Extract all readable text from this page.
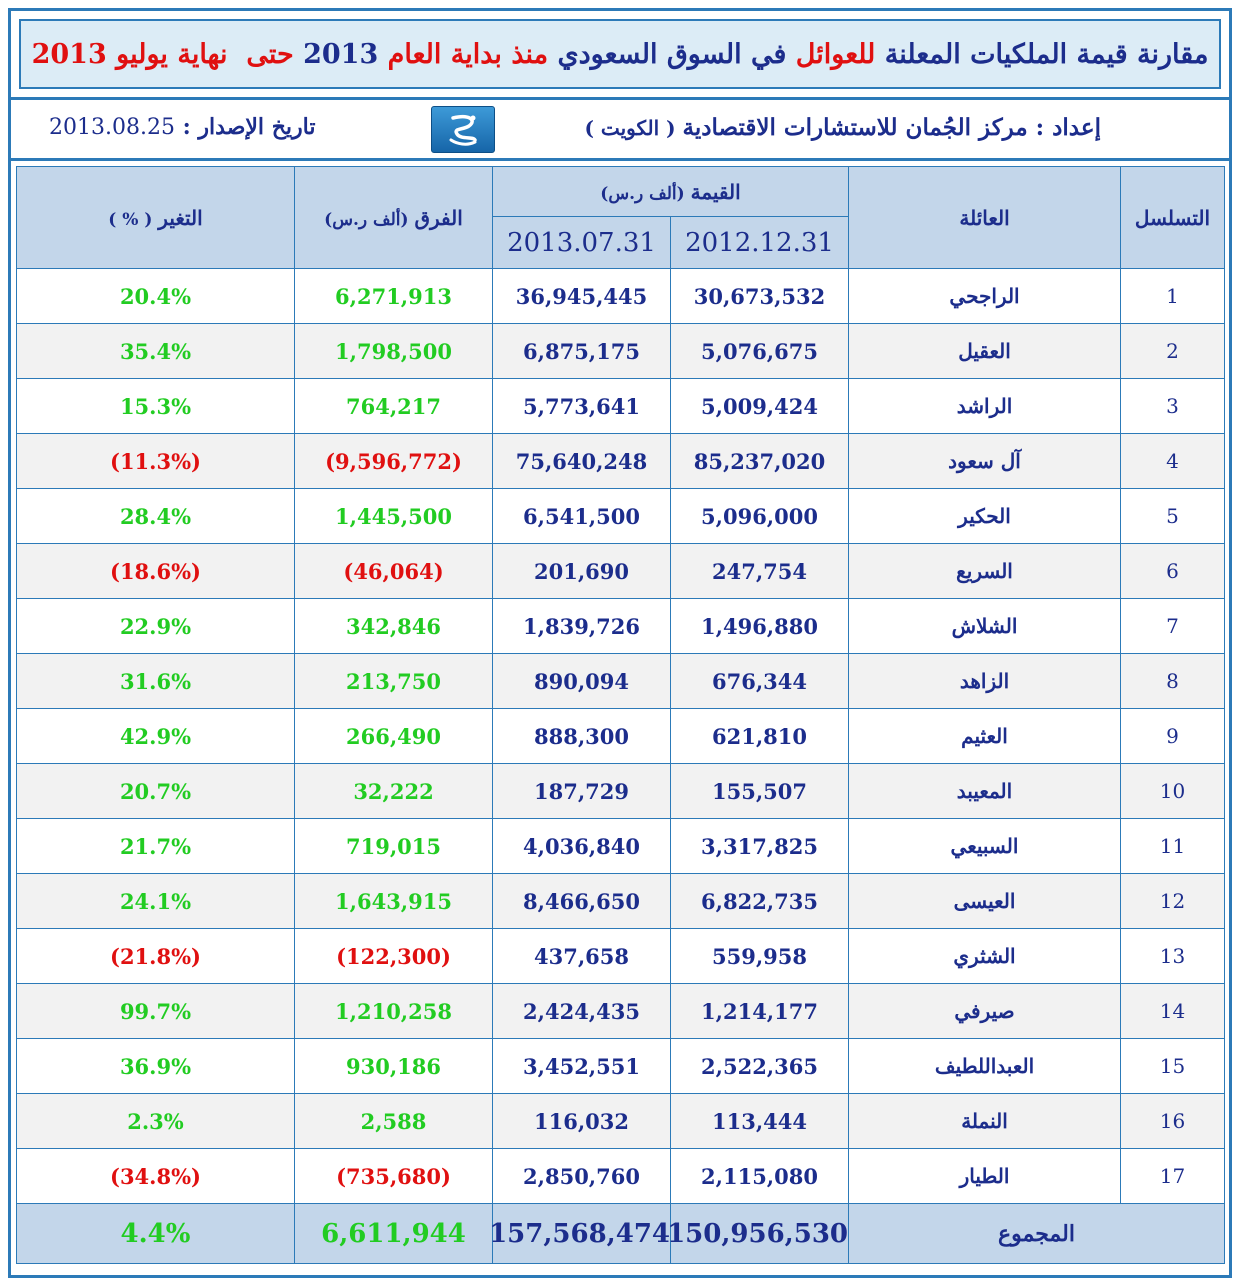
مقارنة قيمة الملكيات المعلنة
للعوائل
في السوق السعودي
منذ بداية العام
2013
حتى  نهاية يوليو
2013
إعداد : مركز الجُمان للاستشارات الاقتصادية ( الكويت )
تاريخ الإصدار : 2013.08.25
التسلسل	العائلة	القيمة (ألف ر.س)		الفرق (ألف ر.س)	التغير ( % )
		2012.12.31	2013.07.31		
1	الراجحي	30,673,532	36,945,445	6,271,913	20.4%
2	العقيل	5,076,675	6,875,175	1,798,500	35.4%
3	الراشد	5,009,424	5,773,641	764,217	15.3%
4	آل سعود	85,237,020	75,640,248	(9,596,772)	(11.3%)
5	الحكير	5,096,000	6,541,500	1,445,500	28.4%
6	السريع	247,754	201,690	(46,064)	(18.6%)
7	الشلاش	1,496,880	1,839,726	342,846	22.9%
8	الزاهد	676,344	890,094	213,750	31.6%
9	العثيم	621,810	888,300	266,490	42.9%
10	المعيبد	155,507	187,729	32,222	20.7%
11	السبيعي	3,317,825	4,036,840	719,015	21.7%
12	العيسى	6,822,735	8,466,650	1,643,915	24.1%
13	الشثري	559,958	437,658	(122,300)	(21.8%)
14	صيرفي	1,214,177	2,424,435	1,210,258	99.7%
15	العبداللطيف	2,522,365	3,452,551	930,186	36.9%
16	النملة	113,444	116,032	2,588	2.3%
17	الطيار	2,115,080	2,850,760	(735,680)	(34.8%)
المجموع		150,956,530	157,568,474	6,611,944	4.4%
